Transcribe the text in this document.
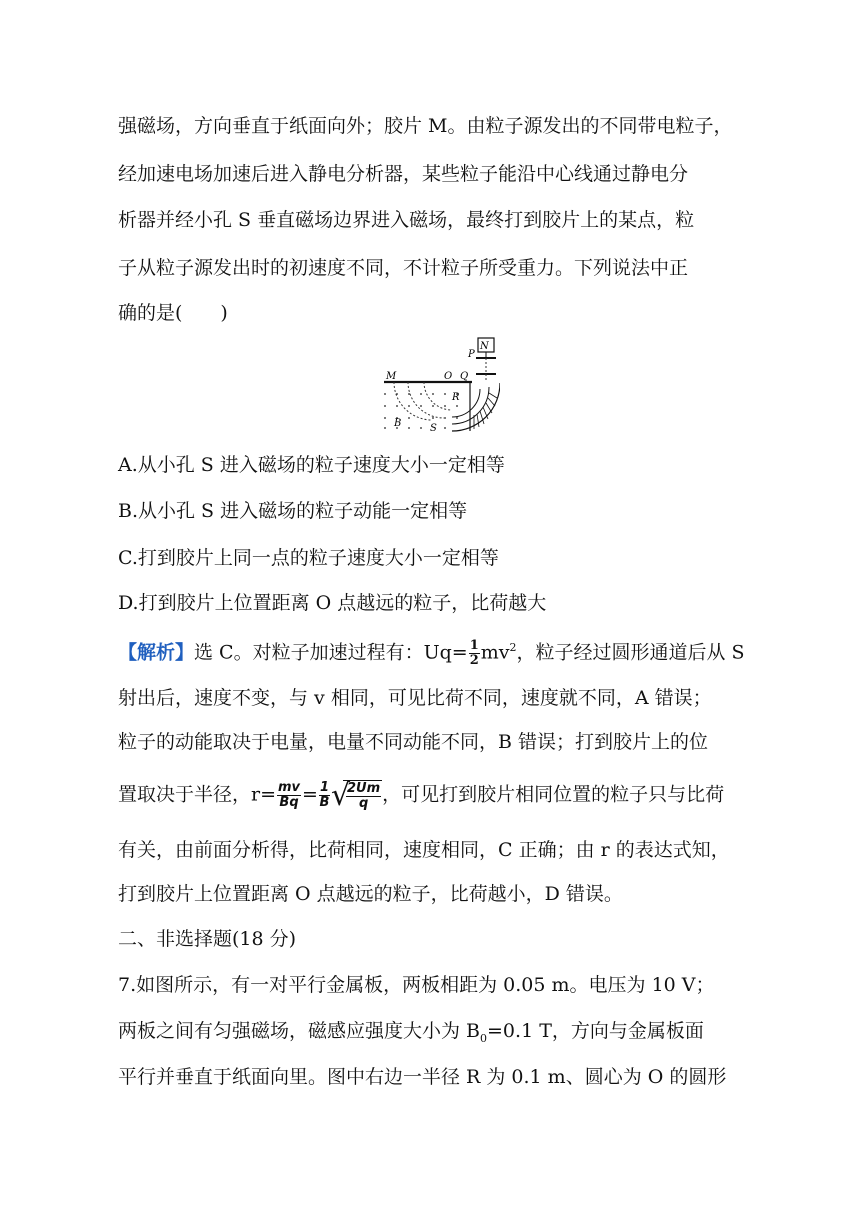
强磁场，方向垂直于纸面向外；胶片 M。由粒子源发出的不同带电粒子，
经加速电场加速后进入静电分析器，某些粒子能沿中心线通过静电分
析器并经小孔 S 垂直磁场边界进入磁场，最终打到胶片上的某点，粒
子从粒子源发出时的初速度不同，不计粒子所受重力。下列说法中正
确的是(　　)
N
P
M	O Q
R
B	S
A.从小孔 S 进入磁场的粒子速度大小一定相等
B.从小孔 S 进入磁场的粒子动能一定相等
C.打到胶片上同一点的粒子速度大小一定相等
D.打到胶片上位置距离 O 点越远的粒子，比荷越大
【解析】选 C。对粒子加速过程有：$Uq= \frac{1}{2} mv^2$，粒子经过圆形通道后从 S
射出后，速度不变，与 v 相同，可见比荷不同，速度就不同，A 错误；
粒子的动能取决于电量，电量不同动能不同，B 错误；打到胶片上的位
置取决于半径，$r= \frac{mv}{Bq} = \frac{1}{B}$ √
$\frac{2Um}{q}$ ，可见打到胶片相同位置的粒子只与比荷
有关，由前面分析得，比荷相同，速度相同，C 正确；由 r 的表达式知，
打到胶片上位置距离 O 点越远的粒子，比荷越小，D 错误。
二、非选择题(18 分)
7.如图所示，有一对平行金属板，两板相距为 0.05 m。电压为 10 V；
两板之间有匀强磁场，磁感应强度大小为 $B_0=0.1$ T，方向与金属板面
平行并垂直于纸面向里。图中右边一半径 R 为 0.1 m、圆心为 O 的圆形
